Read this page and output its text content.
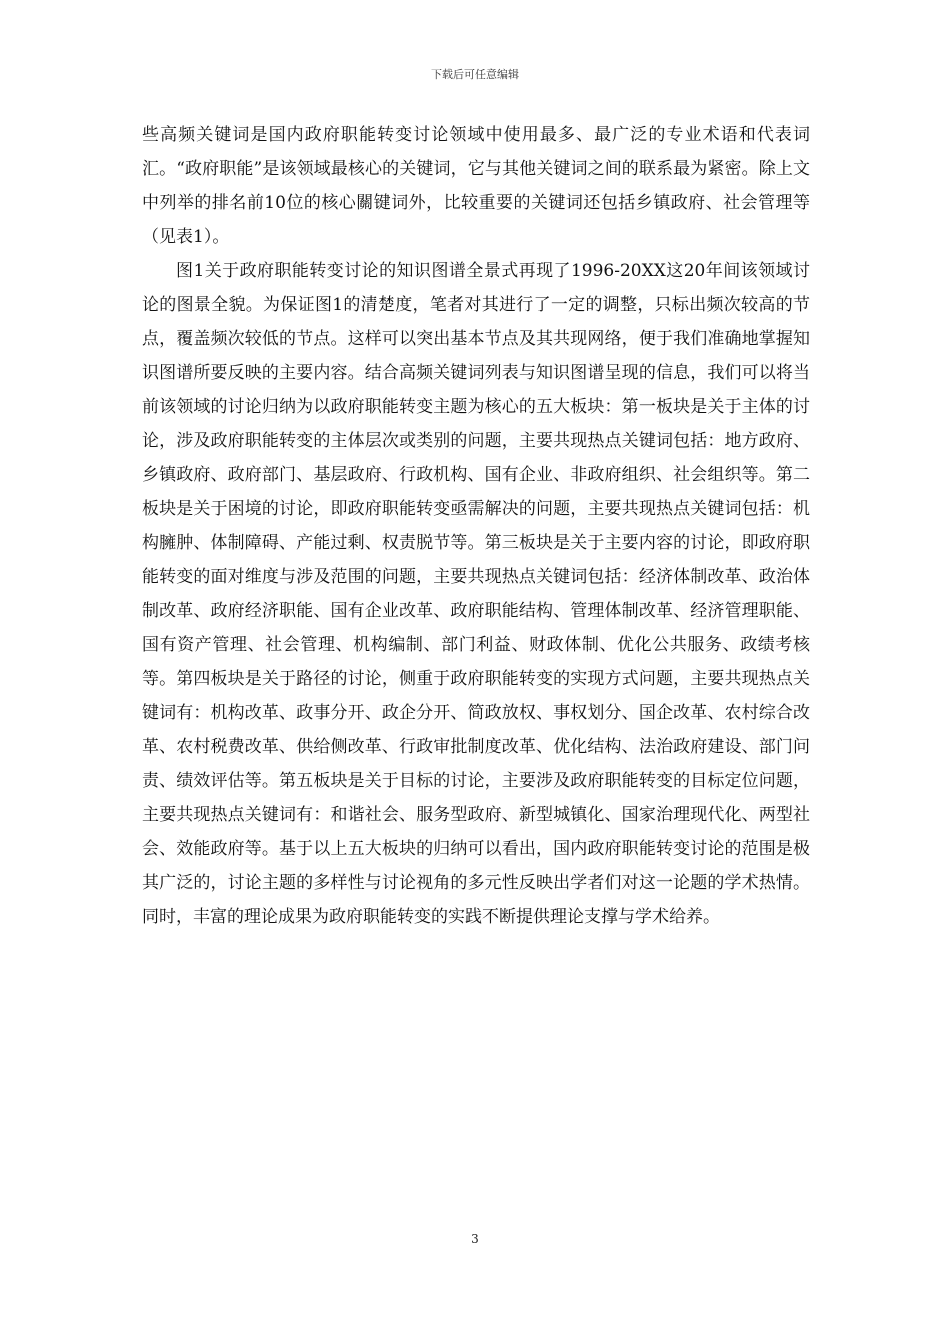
下载后可任意编辑

些高频关键词是国内政府职能转变讨论领域中使用最多、最广泛的专业术语和代表词汇。“政府职能”是该领域最核心的关键词，它与其他关键词之间的联系最为紧密。除上文中列举的排名前10位的核心關键词外，比较重要的关键词还包括乡镇政府、社会管理等（见表1）。

图1关于政府职能转变讨论的知识图谱全景式再现了1996-20XX这20年间该领域讨论的图景全貌。为保证图1的清楚度，笔者对其进行了一定的调整，只标出频次较高的节点，覆盖频次较低的节点。这样可以突出基本节点及其共现网络，便于我们准确地掌握知识图谱所要反映的主要内容。结合高频关键词列表与知识图谱呈现的信息，我们可以将当前该领域的讨论归纳为以政府职能转变主题为核心的五大板块：第一板块是关于主体的讨论，涉及政府职能转变的主体层次或类别的问题，主要共现热点关键词包括：地方政府、乡镇政府、政府部门、基层政府、行政机构、国有企业、非政府组织、社会组织等。第二板块是关于困境的讨论，即政府职能转变亟需解决的问题，主要共现热点关键词包括：机构臃肿、体制障碍、产能过剩、权责脱节等。第三板块是关于主要内容的讨论，即政府职能转变的面对维度与涉及范围的问题，主要共现热点关键词包括：经济体制改革、政治体制改革、政府经济职能、国有企业改革、政府职能结构、管理体制改革、经济管理职能、国有资产管理、社会管理、机构编制、部门利益、财政体制、优化公共服务、政绩考核等。第四板块是关于路径的讨论，侧重于政府职能转变的实现方式问题，主要共现热点关键词有：机构改革、政事分开、政企分开、简政放权、事权划分、国企改革、农村综合改革、农村税费改革、供给侧改革、行政审批制度改革、优化结构、法治政府建设、部门问责、绩效评估等。第五板块是关于目标的讨论，主要涉及政府职能转变的目标定位问题，主要共现热点关键词有：和谐社会、服务型政府、新型城镇化、国家治理现代化、两型社会、效能政府等。基于以上五大板块的归纳可以看出，国内政府职能转变讨论的范围是极其广泛的，讨论主题的多样性与讨论视角的多元性反映出学者们对这一论题的学术热情。同时，丰富的理论成果为政府职能转变的实践不断提供理论支撑与学术给养。

3
